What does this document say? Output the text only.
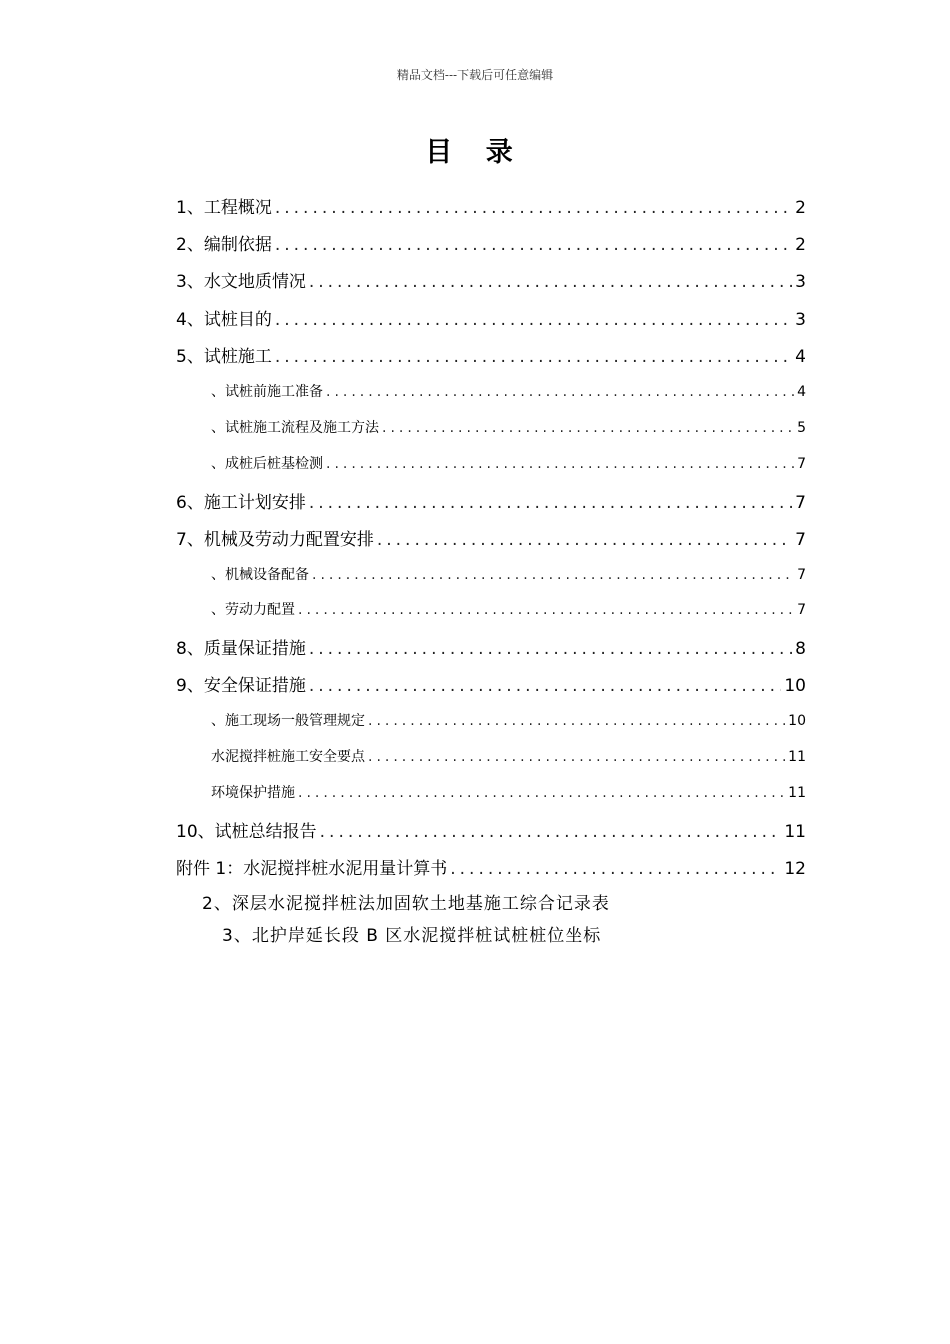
精品文档---下载后可任意编辑
目 录
1、工程概况 .....	2
2、编制依据 .....	2
3、水文地质情况 .....	3
4、试桩目的 .....	3
5、试桩施工 .....	4
、试桩前施工准备 .....	4
、试桩施工流程及施工方法 .....	5
、成桩后桩基检测 .....	7
6、施工计划安排 .....	7
7、机械及劳动力配置安排 .....	7
、机械设备配备 .....	7
、劳动力配置 .....	7
8、质量保证措施 .....	8
9、安全保证措施 .....	10
、施工现场一般管理规定 .....	10
水泥搅拌桩施工安全要点 .....	11
环境保护措施 .....	11
10、试桩总结报告 .....	11
附件 1：水泥搅拌桩水泥用量计算书 .....	12
2、深层水泥搅拌桩法加固软土地基施工综合记录表
3、北护岸延长段 B 区水泥搅拌桩试桩桩位坐标
